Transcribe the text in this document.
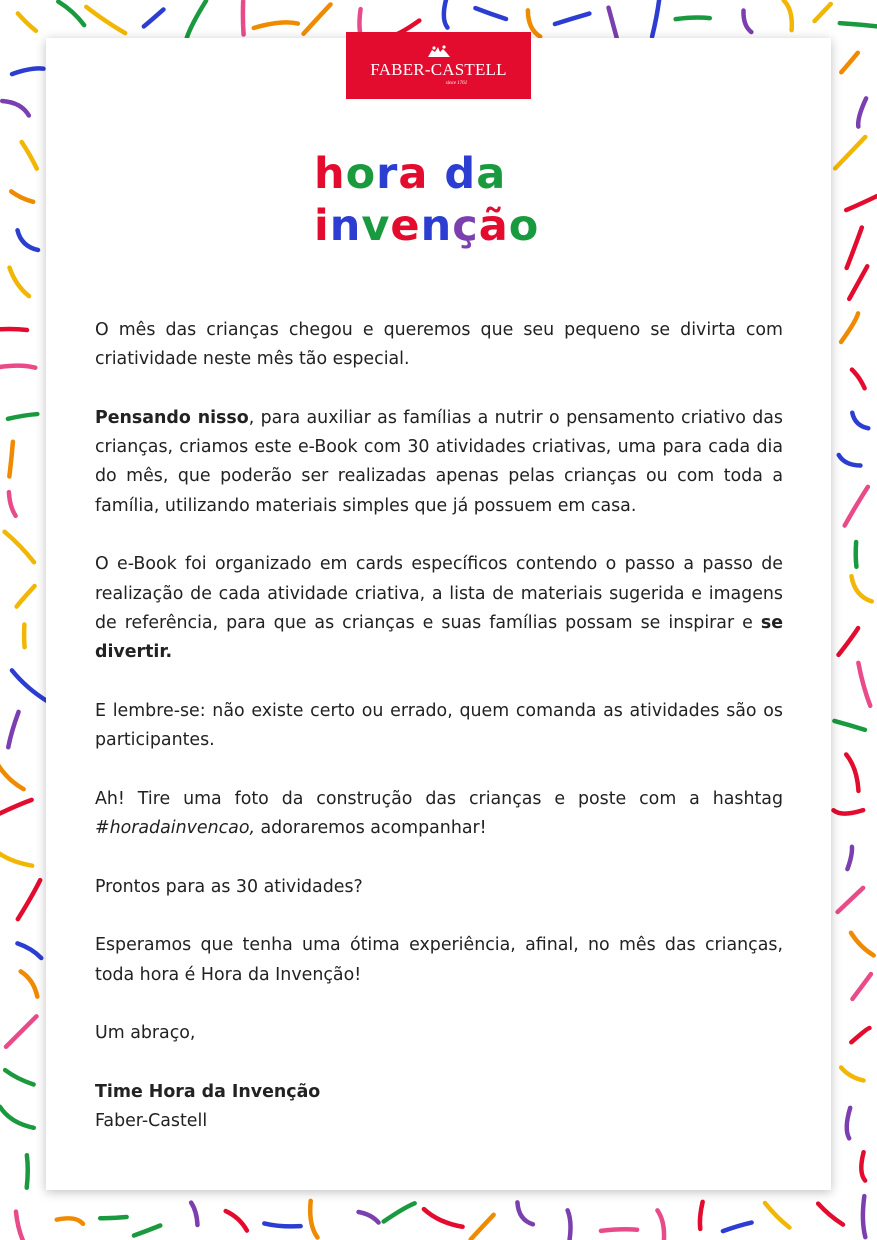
FABER-CASTELL
since 1761
hora da
invenção

O mês das crianças chegou e queremos que seu pequeno se divirta com criatividade neste mês tão especial.

Pensando nisso, para auxiliar as famílias a nutrir o pensamento criativo das crianças, criamos este e-Book com 30 atividades criativas, uma para cada dia do mês, que poderão ser realizadas apenas pelas crianças ou com toda a família, utilizando materiais simples que já possuem em casa.

O e-Book foi organizado em cards específicos contendo o passo a passo de realização de cada atividade criativa, a lista de materiais sugerida e imagens de referência, para que as crianças e suas famílias possam se inspirar e se divertir.

E lembre-se: não existe certo ou errado, quem comanda as atividades são os participantes.

Ah! Tire uma foto da construção das crianças e poste com a hashtag #horadainvencao, adoraremos acompanhar!

Prontos para as 30 atividades?

Esperamos que tenha uma ótima experiência, afinal, no mês das crianças, toda hora é Hora da Invenção!

Um abraço,

Time Hora da Invenção

Faber-Castell
